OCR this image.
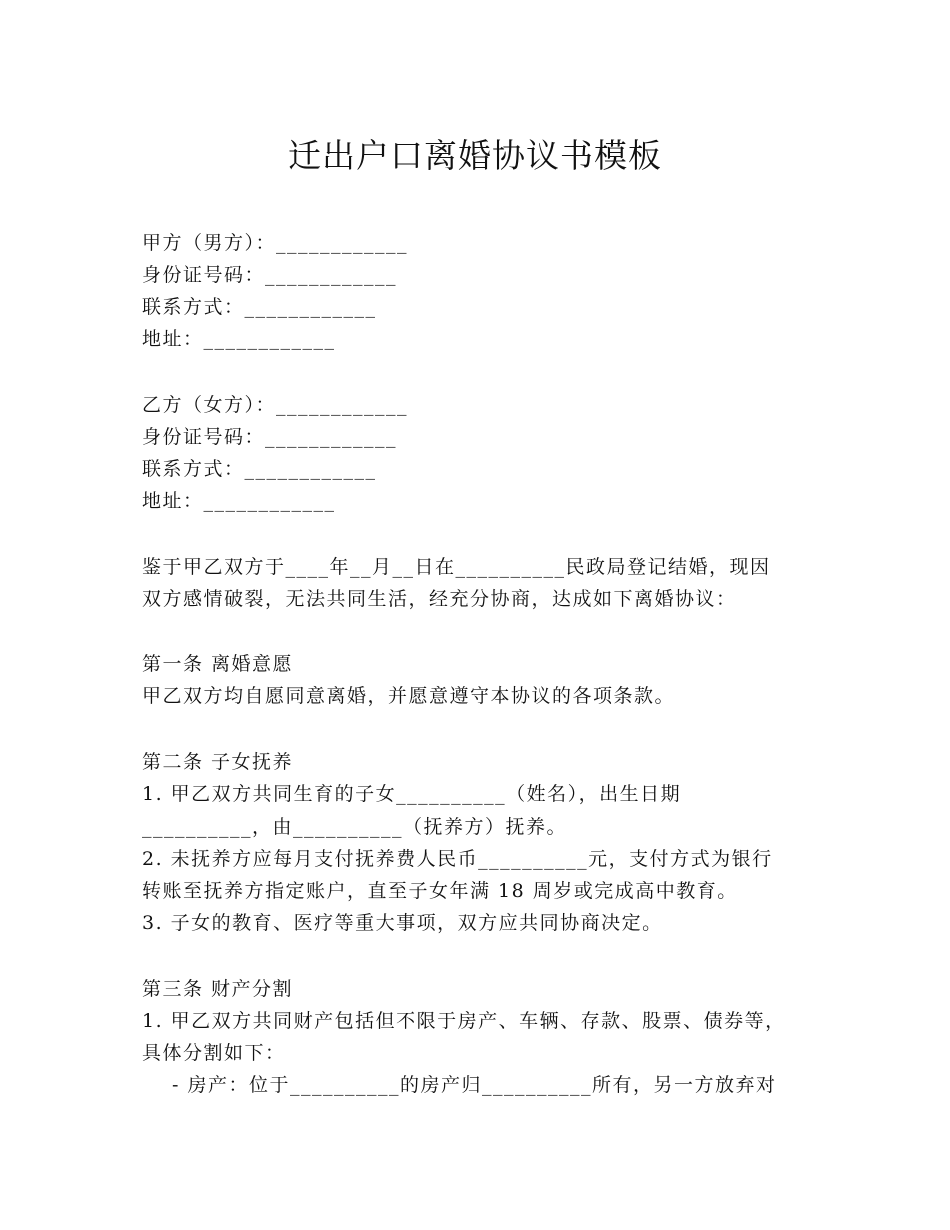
迁出户口离婚协议书模板
甲方（男方）：____________
身份证号码：____________
联系方式：____________
地址：____________
乙方（女方）：____________
身份证号码：____________
联系方式：____________
地址：____________
鉴于甲乙双方于____年__月__日在__________民政局登记结婚，现因
双方感情破裂，无法共同生活，经充分协商，达成如下离婚协议：
第一条 离婚意愿
甲乙双方均自愿同意离婚，并愿意遵守本协议的各项条款。
第二条 子女抚养
1. 甲乙双方共同生育的子女__________（姓名），出生日期
__________，由__________（抚养方）抚养。
2. 未抚养方应每月支付抚养费人民币__________元，支付方式为银行
转账至抚养方指定账户，直至子女年满 18 周岁或完成高中教育。
3. 子女的教育、医疗等重大事项，双方应共同协商决定。
第三条 财产分割
1. 甲乙双方共同财产包括但不限于房产、车辆、存款、股票、债券等，
具体分割如下：
- 房产：位于__________的房产归__________所有，另一方放弃对
